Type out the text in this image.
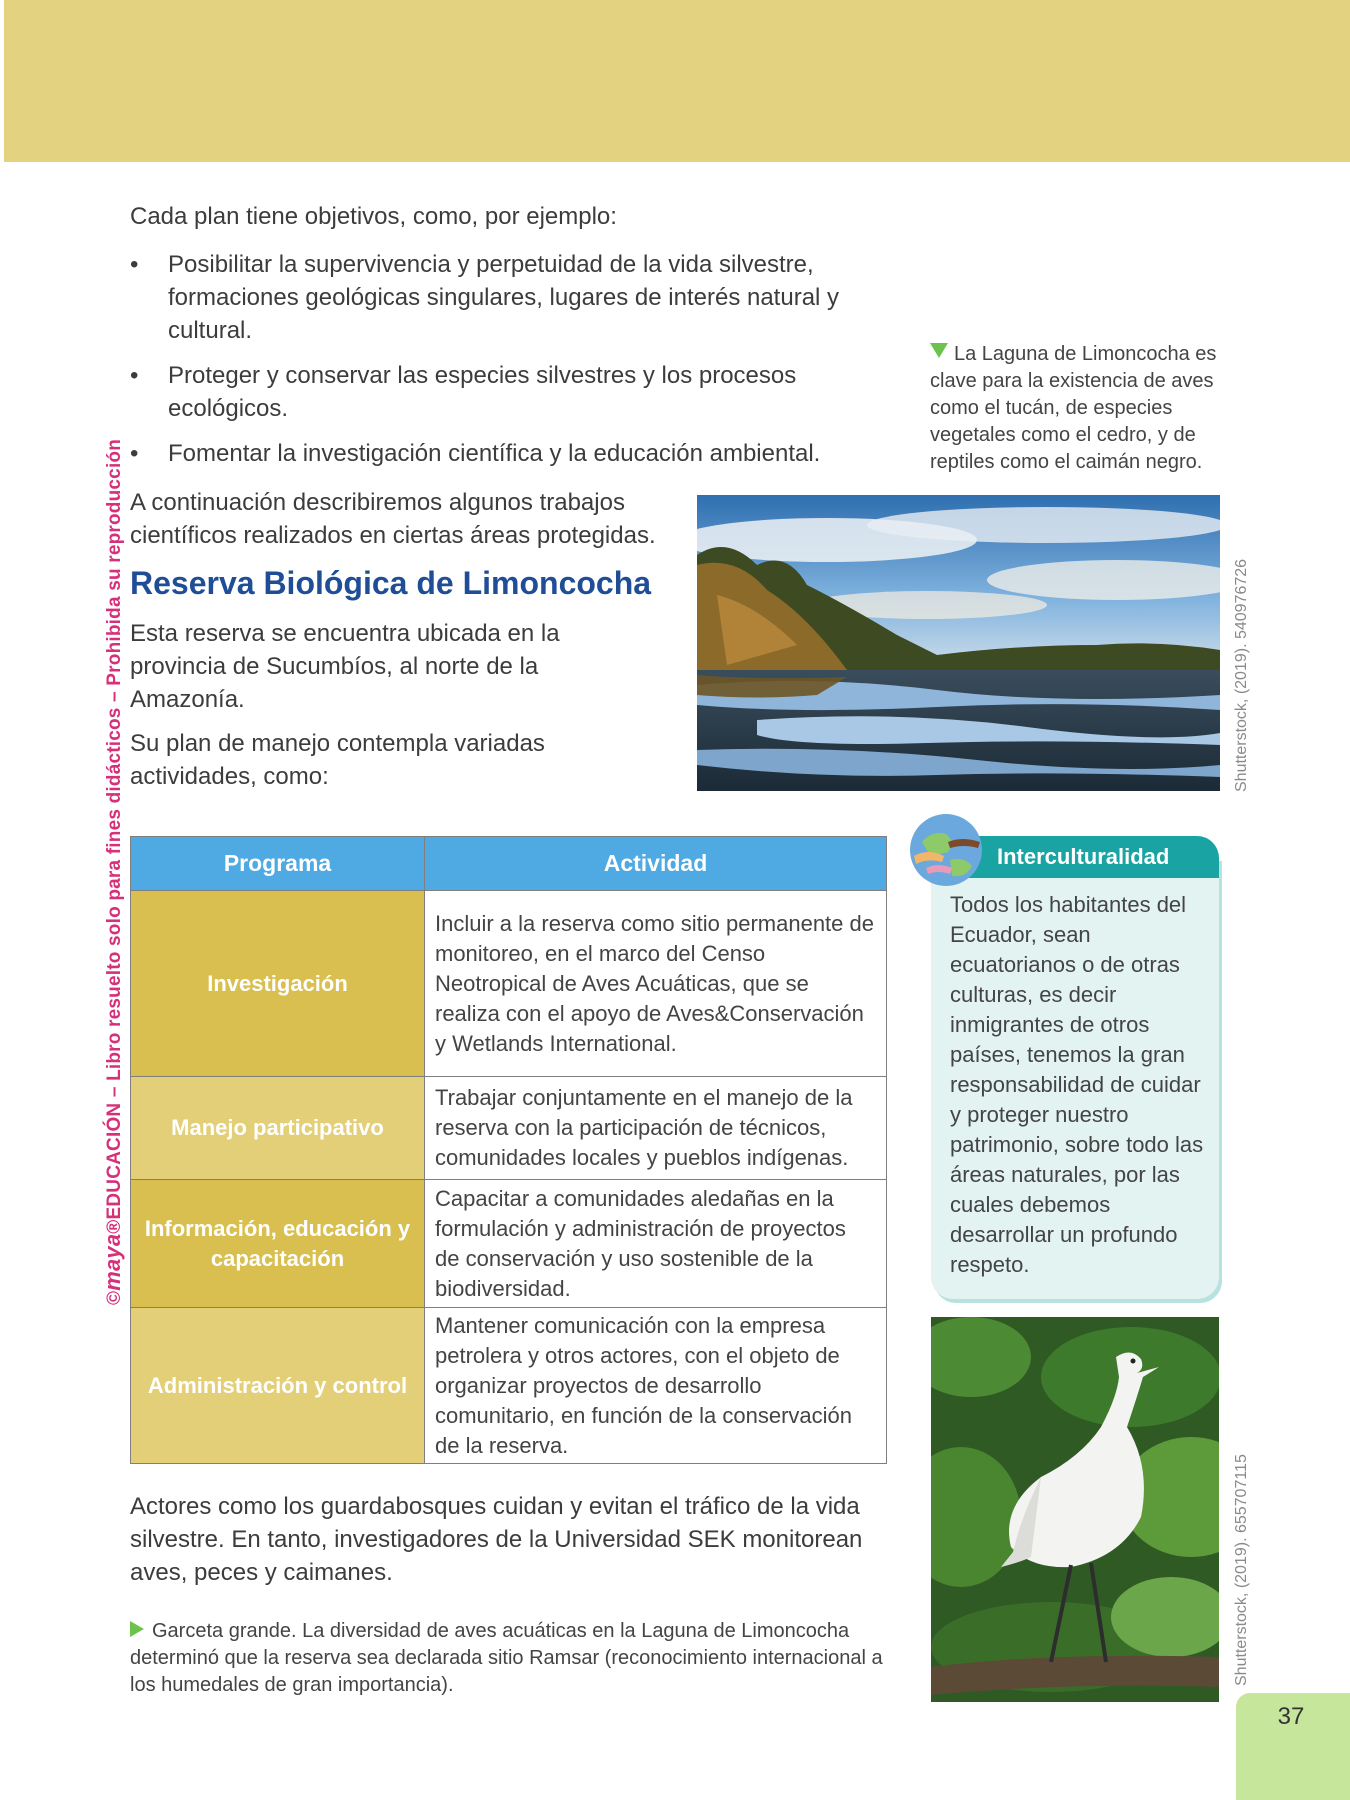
©maya®EDUCACIÓN – Libro resuelto solo para fines didácticos – Prohibida su reproducción

Cada plan tiene objetivos, como, por ejemplo:

• Posibilitar la supervivencia y perpetuidad de la vida silvestre, formaciones geológicas singulares, lugares de interés natural y cultural.
• Proteger y conservar las especies silvestres y los procesos ecológicos.
• Fomentar la investigación científica y la educación ambiental.
La Laguna de Limoncocha es clave para la existencia de aves como el tucán, de especies vegetales como el cedro, y de reptiles como el caimán negro.

A continuación describiremos algunos trabajos científicos realizados en ciertas áreas protegidas.

Reserva Biológica de Limoncocha

Esta reserva se encuentra ubicada en la provincia de Sucumbíos, al norte de la Amazonía.

Su plan de manejo contempla variadas actividades, como:	Shutterstock, (2019). 540976726
Programa	Actividad
Investigación	Incluir a la reserva como sitio permanente de monitoreo, en el marco del Censo Neotropical de Aves Acuáticas, que se realiza con el apoyo de Aves&Conservación y Wetlands International.
Manejo participativo	Trabajar conjuntamente en el manejo de la reserva con la participación de técnicos, comunidades locales y pueblos indígenas.
Información, educación y capacitación	Capacitar a comunidades aledañas en la formulación y administración de proyectos de conservación y uso sostenible de la biodiversidad.
Administración y control	Mantener comunicación con la empresa petrolera y otros actores, con el objeto de organizar proyectos de desarrollo comunitario, en función de la conservación de la reserva.
Interculturalidad

Todos los habitantes del Ecuador, sean ecuatorianos o de otras culturas, es decir inmigrantes de otros países, tenemos la gran responsabilidad de cuidar y proteger nuestro patrimonio, sobre todo las áreas naturales, por las cuales debemos desarrollar un profundo respeto.

Shutterstock, (2019). 655707115

Actores como los guardabosques cuidan y evitan el tráfico de la vida silvestre. En tanto, investigadores de la Universidad SEK monitorean aves, peces y caimanes.

Garceta grande. La diversidad de aves acuáticas en la Laguna de Limoncocha determinó que la reserva sea declarada sitio Ramsar (reconocimiento internacional a los humedales de gran importancia).

37
